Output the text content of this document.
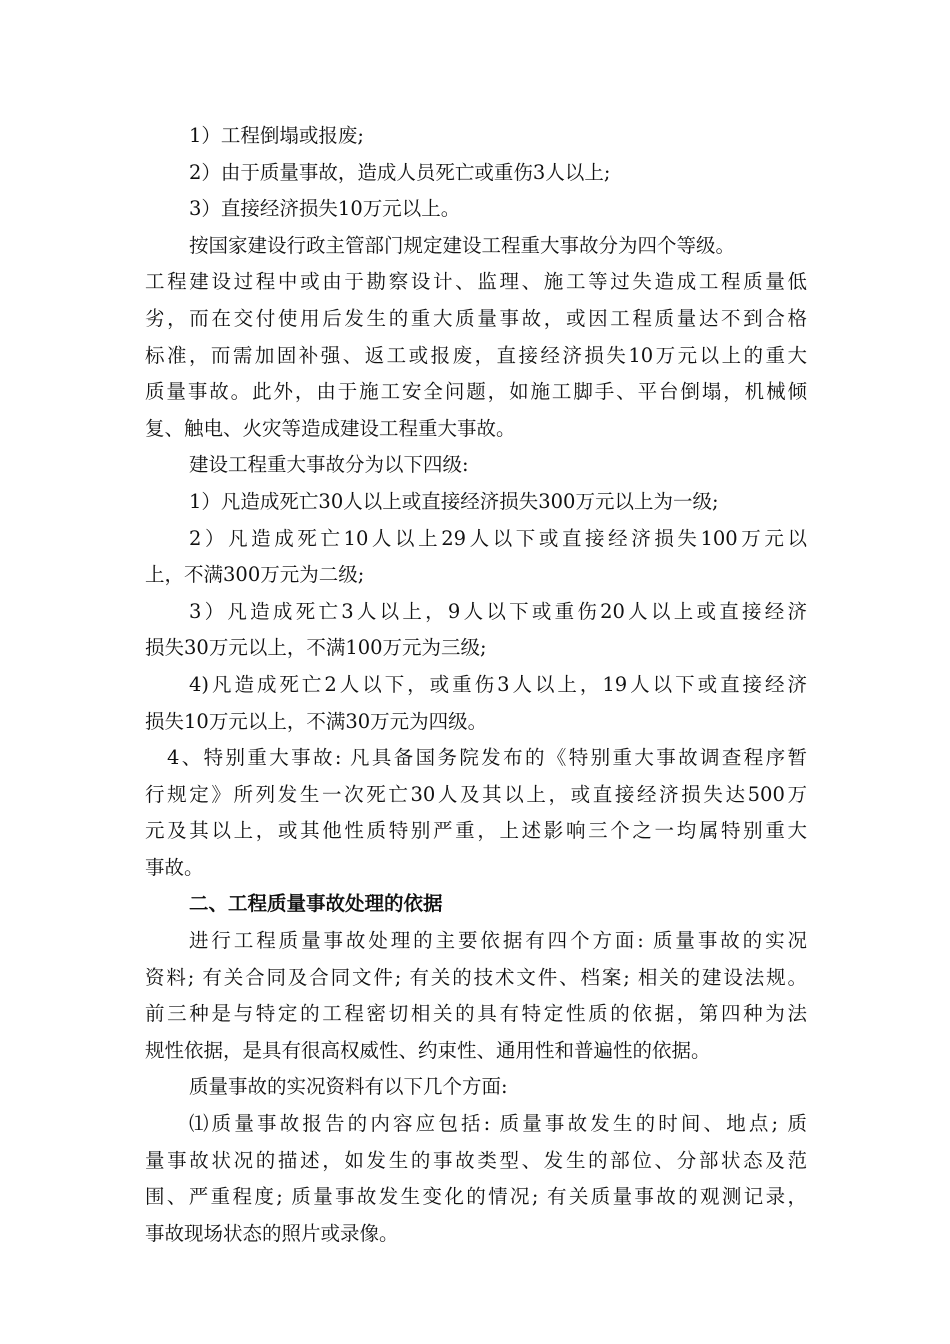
1）工程倒塌或报废;
2）由于质量事故，造成人员死亡或重伤3人以上;
3）直接经济损失10万元以上。
按国家建设行政主管部门规定建设工程重大事故分为四个等级。
工程建设过程中或由于勘察设计、监理、施工等过失造成工程质量低
劣，而在交付使用后发生的重大质量事故，或因工程质量达不到合格
标准，而需加固补强、返工或报废，直接经济损失10万元以上的重大
质量事故。此外，由于施工安全问题，如施工脚手、平台倒塌，机械倾
复、触电、火灾等造成建设工程重大事故。
建设工程重大事故分为以下四级:
1）凡造成死亡30人以上或直接经济损失300万元以上为一级;
2）凡造成死亡10人以上29人以下或直接经济损失100万元以
上，不满300万元为二级;
3）凡造成死亡3人以上，9人以下或重伤20人以上或直接经济
损失30万元以上，不满100万元为三级;
4)凡造成死亡2人以下，或重伤3人以上，19人以下或直接经济
损失10万元以上，不满30万元为四级。
4、特别重大事故: 凡具备国务院发布的《特别重大事故调查程序暂
行规定》所列发生一次死亡30人及其以上，或直接经济损失达500万
元及其以上，或其他性质特别严重，上述影响三个之一均属特别重大
事故。
二、工程质量事故处理的依据
进行工程质量事故处理的主要依据有四个方面: 质量事故的实况
资料; 有关合同及合同文件; 有关的技术文件、档案; 相关的建设法规。
前三种是与特定的工程密切相关的具有特定性质的依据，第四种为法
规性依据，是具有很高权威性、约束性、通用性和普遍性的依据。
质量事故的实况资料有以下几个方面:
⑴质量事故报告的内容应包括: 质量事故发生的时间、地点; 质
量事故状况的描述，如发生的事故类型、发生的部位、分部状态及范
围、严重程度; 质量事故发生变化的情况; 有关质量事故的观测记录，
事故现场状态的照片或录像。
